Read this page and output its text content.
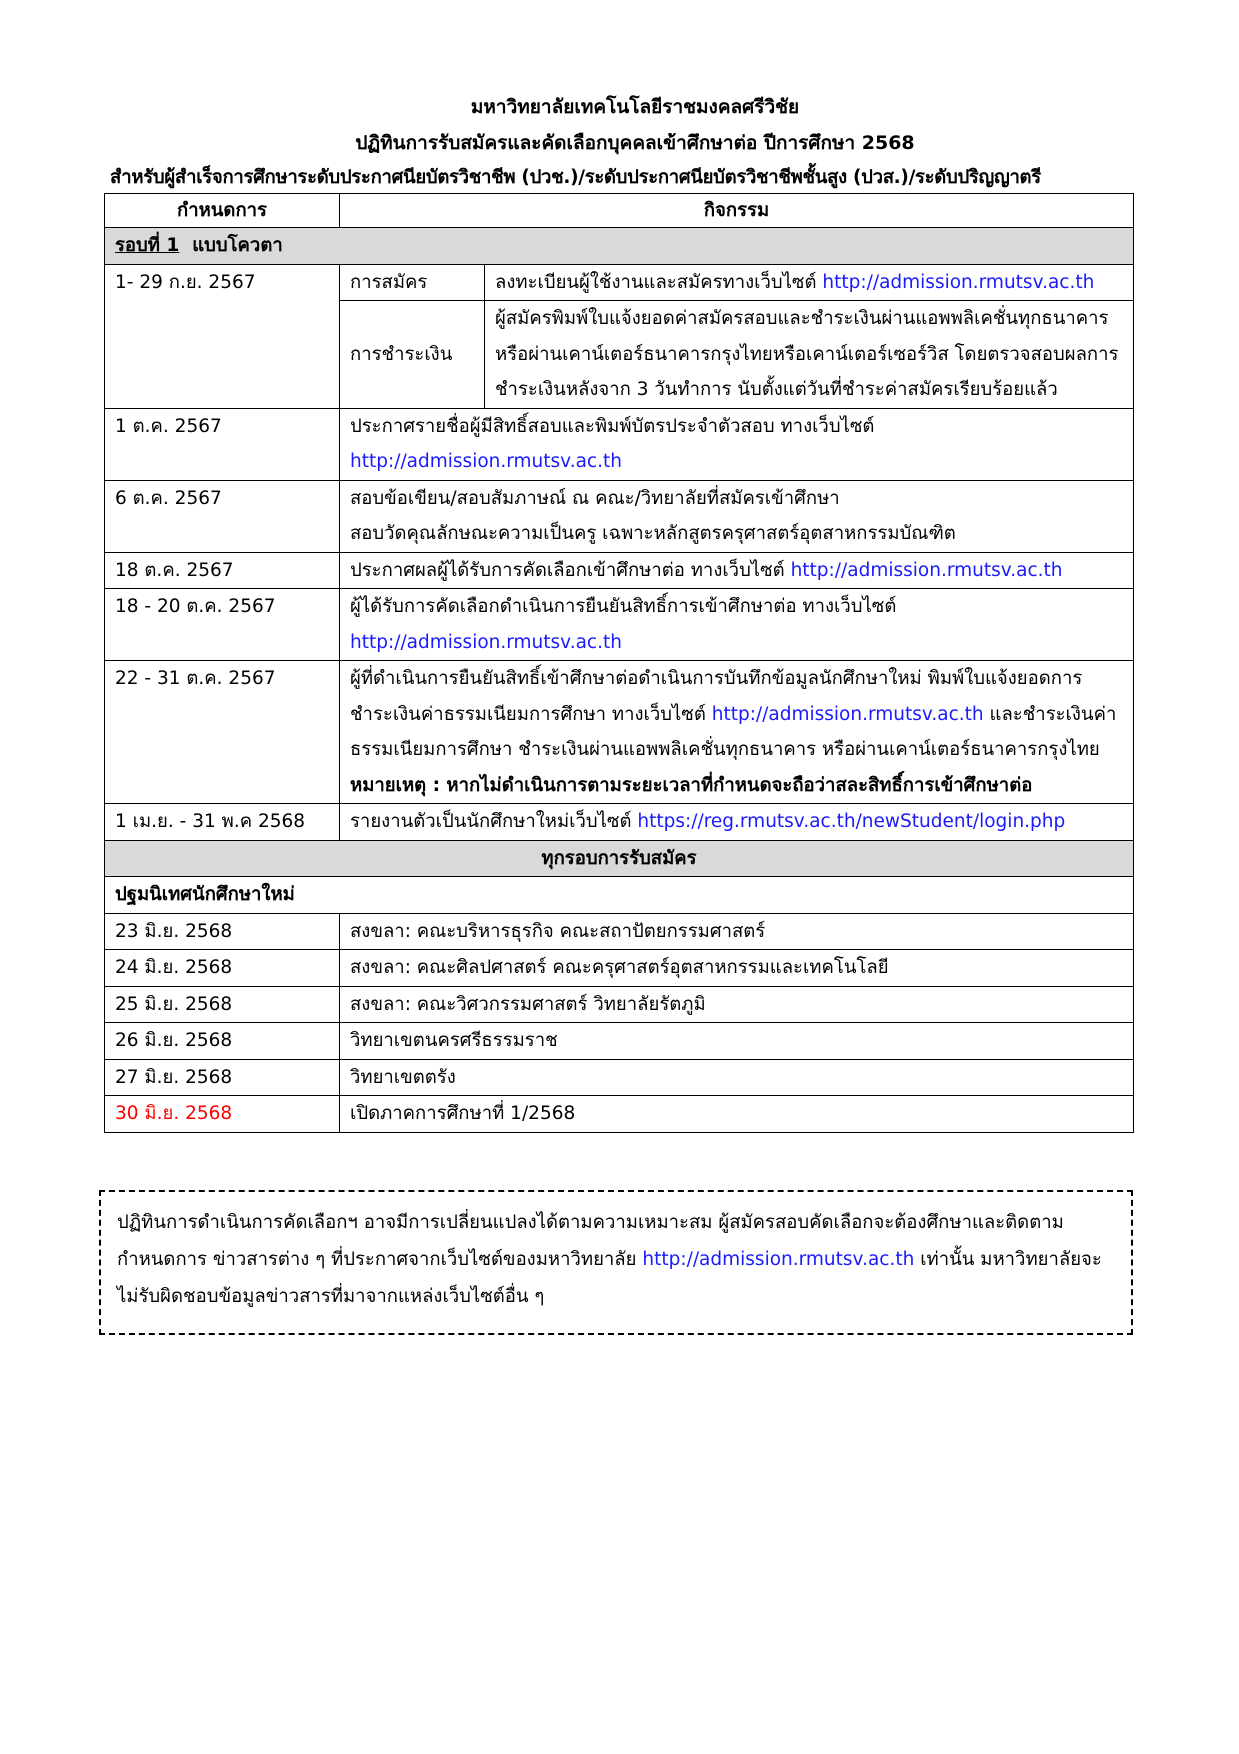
มหาวิทยาลัยเทคโนโลยีราชมงคลศรีวิชัย
ปฏิทินการรับสมัครและคัดเลือกบุคคลเข้าศึกษาต่อ ปีการศึกษา 2568
สำหรับผู้สำเร็จการศึกษาระดับประกาศนียบัตรวิชาชีพ (ปวช.)/ระดับประกาศนียบัตรวิชาชีพชั้นสูง (ปวส.)/ระดับปริญญาตรี
กำหนดการ	กิจกรรม	
รอบที่ 1 แบบโควตา		
1- 29 ก.ย. 2567	การสมัคร	ลงทะเบียนผู้ใช้งานและสมัครทางเว็บไซต์ http://admission.rmutsv.ac.th
	การชำระเงิน	ผู้สมัครพิมพ์ใบแจ้งยอดค่าสมัครสอบและชำระเงินผ่านแอพพลิเคชั่นทุกธนาคาร หรือผ่านเคาน์เตอร์ธนาคารกรุงไทยหรือเคาน์เตอร์เซอร์วิส โดยตรวจสอบผลการชำระเงินหลังจาก 3 วันทำการ นับตั้งแต่วันที่ชำระค่าสมัครเรียบร้อยแล้ว
1 ต.ค. 2567	ประกาศรายชื่อผู้มีสิทธิ์สอบและพิมพ์บัตรประจำตัวสอบ ทางเว็บไซต์
http://admission.rmutsv.ac.th	
6 ต.ค. 2567	สอบข้อเขียน/สอบสัมภาษณ์ ณ คณะ/วิทยาลัยที่สมัครเข้าศึกษา
สอบวัดคุณลักษณะความเป็นครู เฉพาะหลักสูตรครุศาสตร์อุตสาหกรรมบัณฑิต	
18 ต.ค. 2567	ประกาศผลผู้ได้รับการคัดเลือกเข้าศึกษาต่อ ทางเว็บไซต์ http://admission.rmutsv.ac.th	
18 - 20 ต.ค. 2567	ผู้ได้รับการคัดเลือกดำเนินการยืนยันสิทธิ์การเข้าศึกษาต่อ ทางเว็บไซต์
http://admission.rmutsv.ac.th	
22 - 31 ต.ค. 2567	ผู้ที่ดำเนินการยืนยันสิทธิ์เข้าศึกษาต่อดำเนินการบันทึกข้อมูลนักศึกษาใหม่ พิมพ์ใบแจ้งยอดการชำระเงินค่าธรรมเนียมการศึกษา ทางเว็บไซต์ http://admission.rmutsv.ac.th และชำระเงินค่าธรรมเนียมการศึกษา ชำระเงินผ่านแอพพลิเคชั่นทุกธนาคาร หรือผ่านเคาน์เตอร์ธนาคารกรุงไทย
หมายเหตุ : หากไม่ดำเนินการตามระยะเวลาที่กำหนดจะถือว่าสละสิทธิ์การเข้าศึกษาต่อ	
1 เม.ย. - 31 พ.ค 2568	รายงานตัวเป็นนักศึกษาใหม่เว็บไซต์ https://reg.rmutsv.ac.th/newStudent/login.php	
ทุกรอบการรับสมัคร		
ปฐมนิเทศนักศึกษาใหม่		
23 มิ.ย. 2568	สงขลา: คณะบริหารธุรกิจ คณะสถาปัตยกรรมศาสตร์	
24 มิ.ย. 2568	สงขลา: คณะศิลปศาสตร์ คณะครุศาสตร์อุตสาหกรรมและเทคโนโลยี	
25 มิ.ย. 2568	สงขลา: คณะวิศวกรรมศาสตร์ วิทยาลัยรัตภูมิ	
26 มิ.ย. 2568	วิทยาเขตนครศรีธรรมราช	
27 มิ.ย. 2568	วิทยาเขตตรัง	
30 มิ.ย. 2568	เปิดภาคการศึกษาที่ 1/2568	
ปฏิทินการดำเนินการคัดเลือกฯ อาจมีการเปลี่ยนแปลงได้ตามความเหมาะสม ผู้สมัครสอบคัดเลือกจะต้องศึกษาและติดตามกำหนดการ ข่าวสารต่าง ๆ ที่ประกาศจากเว็บไซต์ของมหาวิทยาลัย http://admission.rmutsv.ac.th เท่านั้น มหาวิทยาลัยจะไม่รับผิดชอบข้อมูลข่าวสารที่มาจากแหล่งเว็บไซต์อื่น ๆ
